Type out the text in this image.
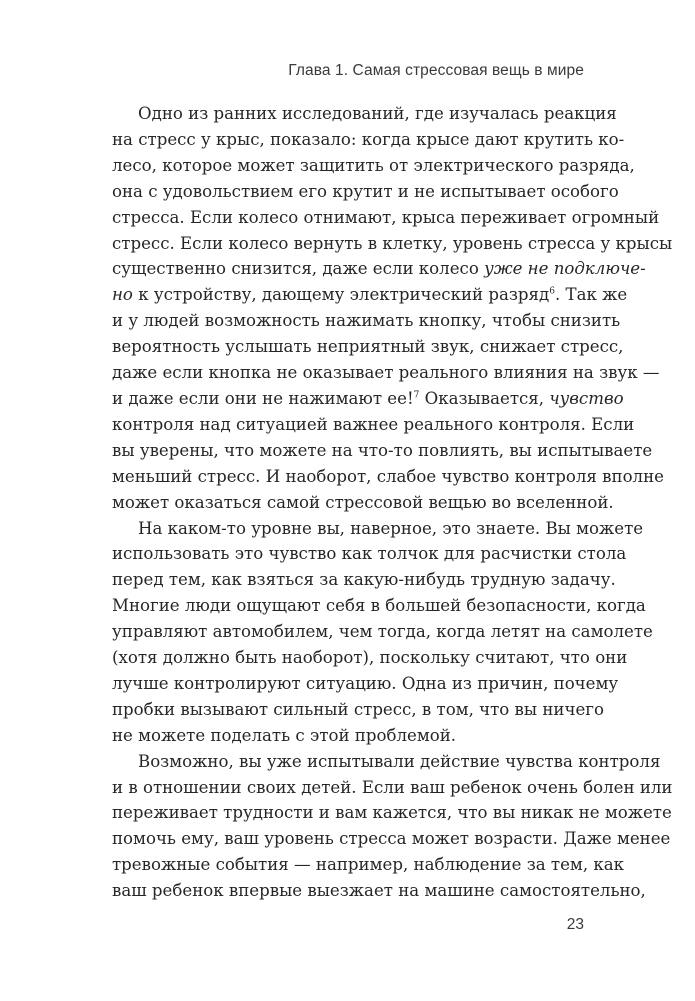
Глава 1. Самая стрессовая вещь в мире
Одно из ранних исследований, где изучалась реакция
на стресс у крыс, показало: когда крысе дают крутить ко-
лесо, которое может защитить от электрического разряда,
она с удовольствием его крутит и не испытывает особого
стресса. Если колесо отнимают, крыса переживает огромный
стресс. Если колесо вернуть в клетку, уровень стресса у крысы
существенно снизится, даже если колесо уже не подключе-
но к устройству, дающему электрический разряд$^6$. Так же
и у людей возможность нажимать кнопку, чтобы снизить
вероятность услышать неприятный звук, снижает стресс,
даже если кнопка не оказывает реального влияния на звук —
и даже если они не нажимают ее!$^7$ Оказывается, чувство
контроля над ситуацией важнее реального контроля. Если
вы уверены, что можете на что-то повлиять, вы испытываете
меньший стресс. И наоборот, слабое чувство контроля вполне
может оказаться самой стрессовой вещью во вселенной.
На каком-то уровне вы, наверное, это знаете. Вы можете
использовать это чувство как толчок для расчистки стола
перед тем, как взяться за какую-нибудь трудную задачу.
Многие люди ощущают себя в большей безопасности, когда
управляют автомобилем, чем тогда, когда летят на самолете
(хотя должно быть наоборот), поскольку считают, что они
лучше контролируют ситуацию. Одна из причин, почему
пробки вызывают сильный стресс, в том, что вы ничего
не можете поделать с этой проблемой.
Возможно, вы уже испытывали действие чувства контроля
и в отношении своих детей. Если ваш ребенок очень болен или
переживает трудности и вам кажется, что вы никак не можете
помочь ему, ваш уровень стресса может возрасти. Даже менее
тревожные события — например, наблюдение за тем, как
ваш ребенок впервые выезжает на машине самостоятельно,
23
